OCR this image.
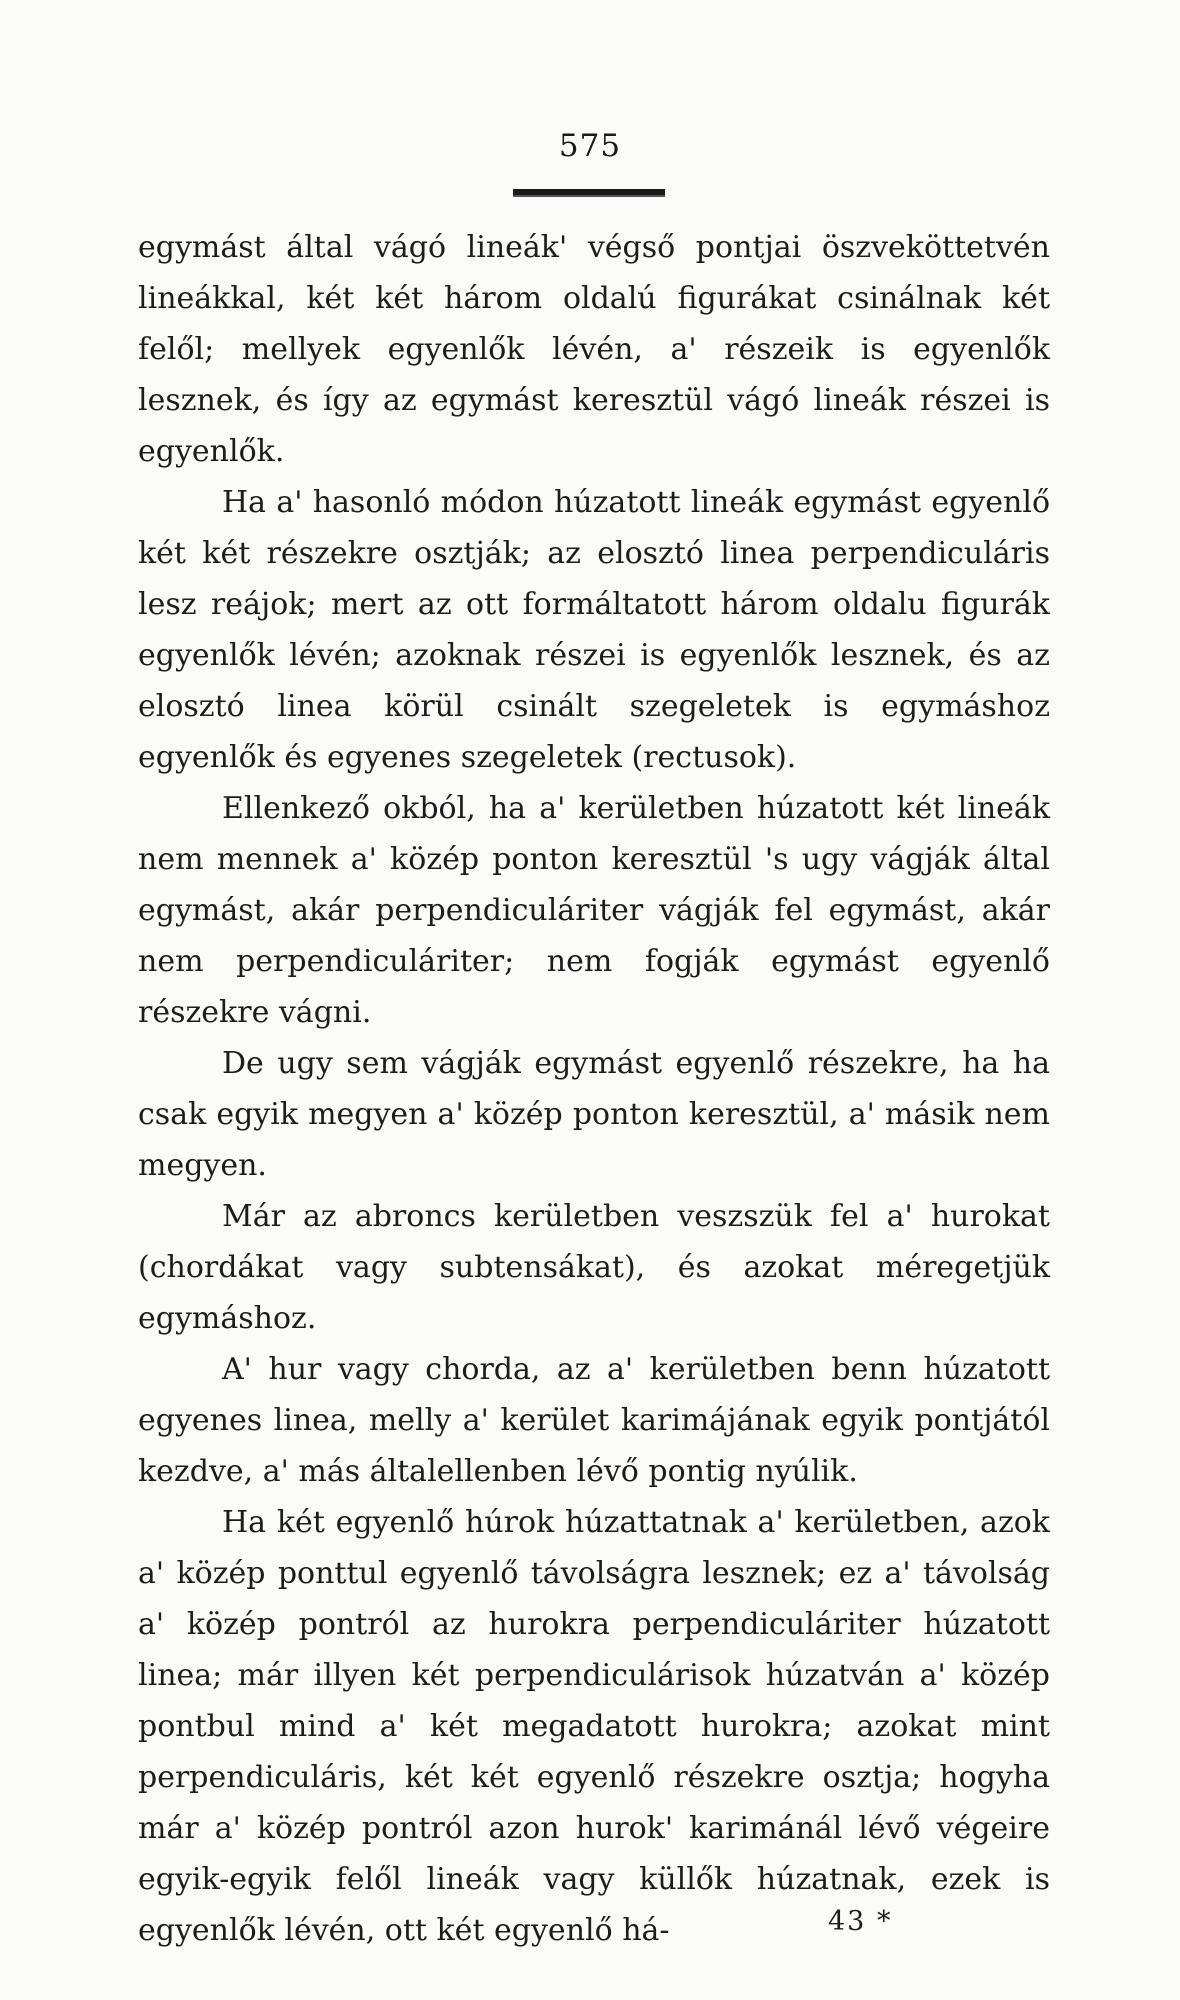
575

egymást által vágó lineák' végső pontjai öszveköttetvén lineákkal, két két három oldalú figurákat csinálnak két felől; mellyek egyenlők lévén, a' részeik is egyenlők lesznek, és így az egymást keresztül vágó lineák részei is egyenlők.

Ha a' hasonló módon húzatott lineák egymást egyenlő két két részekre osztják; az elosztó linea perpendiculáris lesz reájok; mert az ott formáltatott három oldalu figurák egyenlők lévén; azoknak részei is egyenlők lesznek, és az elosztó linea körül csinált szegeletek is egymáshoz egyenlők és egyenes szegeletek (rectusok).

Ellenkező okból, ha a' kerületben húzatott két lineák nem mennek a' közép ponton keresztül 's ugy vágják által egymást, akár perpendiculáriter vágják fel egymást, akár nem perpendiculáriter; nem fogják egymást egyenlő részekre vágni.

De ugy sem vágják egymást egyenlő részekre, ha ha csak egyik megyen a' közép ponton keresztül, a' másik nem megyen.

Már az abroncs kerületben veszszük fel a' hurokat (chordákat vagy subtensákat), és azokat méregetjük egymáshoz.

A' hur vagy chorda, az a' kerületben benn húzatott egyenes linea, melly a' kerület karimájának egyik pontjától kezdve, a' más általellenben lévő pontig nyúlik.

Ha két egyenlő húrok húzattatnak a' kerületben, azok a' közép ponttul egyenlő távolságra lesznek; ez a' távolság a' közép pontról az hurokra perpendiculáriter húzatott linea; már illyen két perpendiculárisok húzatván a' közép pontbul mind a' két megadatott hurokra; azokat mint perpendiculáris, két két egyenlő részekre osztja; hogyha már a' közép pontról azon hurok' karimánál lévő végeire egyik-egyik felől lineák vagy küllők húzatnak, ezek is egyenlők lévén, ott két egyenlő há-	43 *
